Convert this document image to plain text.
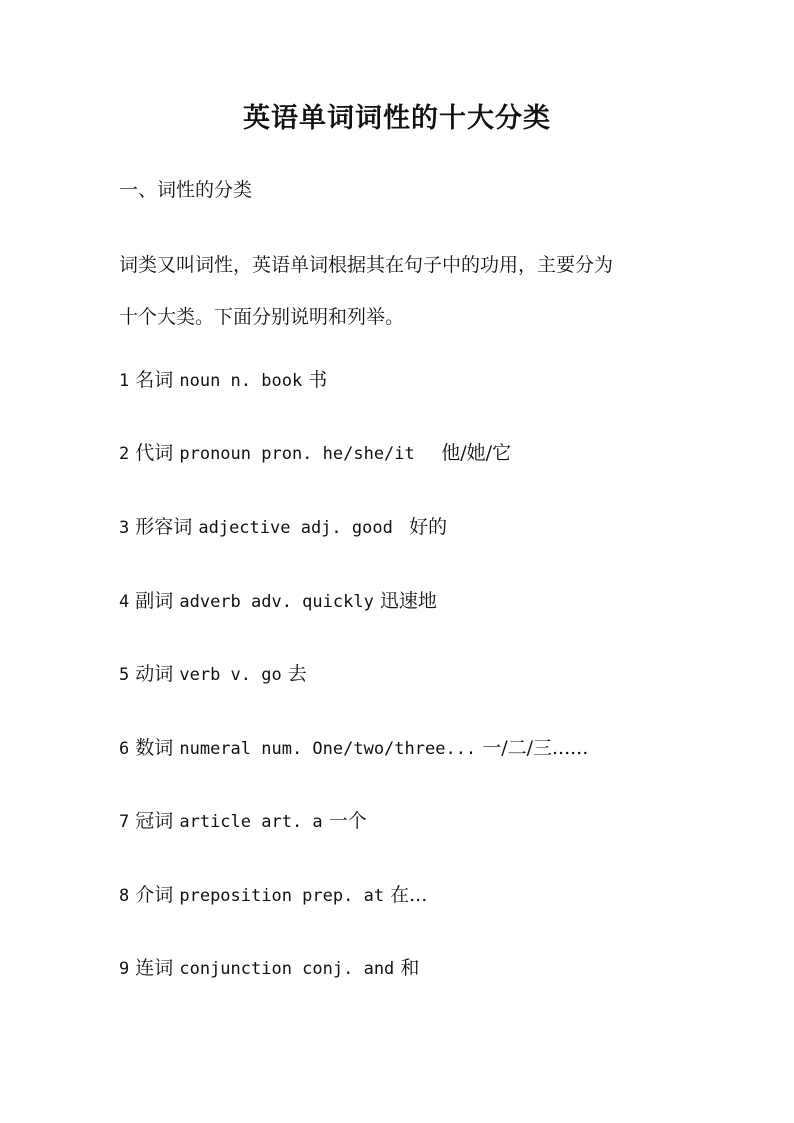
英语单词词性的十大分类
一、词性的分类
词类又叫词性，英语单词根据其在句子中的功用，主要分为
十个大类。下面分别说明和列举。
1 名词 noun n. book 书
2 代词 pronoun pron. he/she/it   他/她/它
3 形容词 adjective adj. good  好的
4 副词 adverb adv. quickly 迅速地
5 动词 verb v. go 去
6 数词 numeral num. One/two/three... 一/二/三......
7 冠词 article art. a 一个
8 介词 preposition prep. at 在...
9 连词 conjunction conj. and 和
